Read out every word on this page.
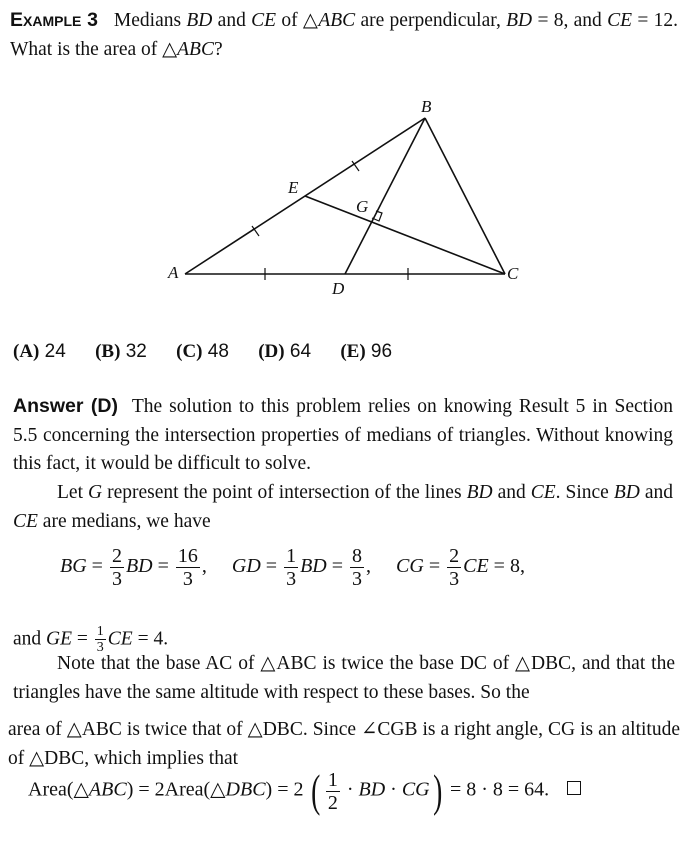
Example 3 Medians BD and CE of △ABC are perpendicular, BD = 8, and CE = 12. What is the area of △ABC?
A
B
C
D
E
G
(A) 24 (B) 32 (C) 48 (D) 64 (E) 96
Answer (D) The solution to this problem relies on knowing Result 5 in Section 5.5 concerning the intersection properties of medians of triangles. Without knowing this fact, it would be difficult to solve.
Let G represent the point of intersection of the lines BD and CE. Since BD and CE are medians, we have
BG = $\frac{2}{3}$ BD = $\frac{16}{3}$ ,     GD = $\frac{1}{3}$ BD = $\frac{8}{3}$ ,     CG = $\frac{2}{3}$ CE = 8,
and GE = $\frac{1}{3}$ CE = 4.
Note that the base AC of △ABC is twice the base DC of △DBC, and that the triangles have the same altitude with respect to these bases. So the
area of △ABC is twice that of △DBC. Since ∠CGB is a right angle, CG is an altitude of △DBC, which implies that
Area(△ABC) = 2Area(△DBC) = 2 ( $\frac{1}{2}$ · BD · CG) = 8 · 8 = 64.
